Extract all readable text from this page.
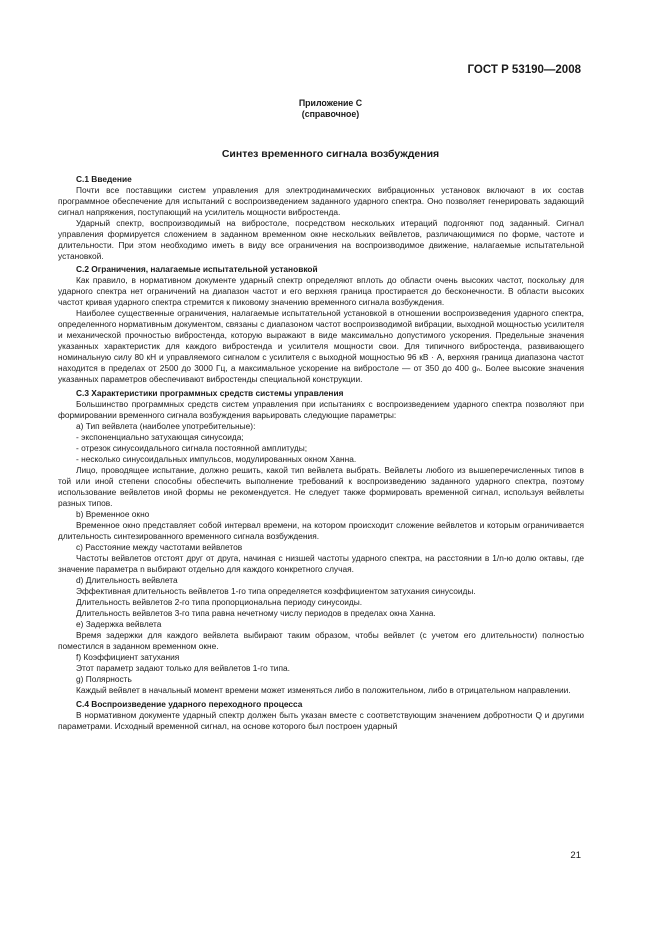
ГОСТ Р 53190—2008
Приложение С
(справочное)
Синтез временного сигнала возбуждения

С.1 Введение

Почти все поставщики систем управления для электродинамических вибрационных установок включают в их состав программное обеспечение для испытаний с воспроизведением заданного ударного спектра. Оно позволяет генерировать задающий сигнал напряжения, поступающий на усилитель мощности вибростенда.

Ударный спектр, воспроизводимый на вибростоле, посредством нескольких итераций подгоняют под заданный. Сигнал управления формируется сложением в заданном временном окне нескольких вейвлетов, различающимися по форме, частоте и длительности. При этом необходимо иметь в виду все ограничения на воспроизводимое движение, налагаемые испытательной установкой.

С.2 Ограничения, налагаемые испытательной установкой

Как правило, в нормативном документе ударный спектр определяют вплоть до области очень высоких частот, поскольку для ударного спектра нет ограничений на диапазон частот и его верхняя граница простирается до бесконечности. В области высоких частот кривая ударного спектра стремится к пиковому значению временного сигнала возбуждения.

Наиболее существенные ограничения, налагаемые испытательной установкой в отношении воспроизведения ударного спектра, определенного нормативным документом, связаны с диапазоном частот воспроизводимой вибрации, выходной мощностью усилителя и механической прочностью вибростенда, которую выражают в виде максимально допустимого ускорения. Предельные значения указанных характеристик для каждого вибростенда и усилителя мощности свои. Для типичного вибростенда, развивающего номинальную силу 80 кН и управляемого сигналом с усилителя с выходной мощностью 96 кВ · А, верхняя граница диапазона частот находится в пределах от 2500 до 3000 Гц, а максимальное ускорение на вибростоле — от 350 до 400 gₙ. Более высокие значения указанных параметров обеспечивают вибростенды специальной конструкции.

С.3 Характеристики программных средств системы управления

Большинство программных средств систем управления при испытаниях с воспроизведением ударного спектра позволяют при формировании временного сигнала возбуждения варьировать следующие параметры:

а) Тип вейвлета (наиболее употребительные):

- экспоненциально затухающая синусоида;

- отрезок синусоидального сигнала постоянной амплитуды;

- несколько синусоидальных импульсов, модулированных окном Ханна.

Лицо, проводящее испытание, должно решить, какой тип вейвлета выбрать. Вейвлеты любого из вышеперечисленных типов в той или иной степени способны обеспечить выполнение требований к воспроизведению заданного ударного спектра, поэтому использование вейвлетов иной формы не рекомендуется. Не следует также формировать временной сигнал, используя вейвлеты разных типов.

b) Временное окно

Временное окно представляет собой интервал времени, на котором происходит сложение вейвлетов и которым ограничивается длительность синтезированного временного сигнала возбуждения.

с) Расстояние между частотами вейвлетов

Частоты вейвлетов отстоят друг от друга, начиная с низшей частоты ударного спектра, на расстоянии в 1/n-ю долю октавы, где значение параметра n выбирают отдельно для каждого конкретного случая.

d) Длительность вейвлета

Эффективная длительность вейвлетов 1-го типа определяется коэффициентом затухания синусоиды.

Длительность вейвлетов 2-го типа пропорциональна периоду синусоиды.

Длительность вейвлетов 3-го типа равна нечетному числу периодов в пределах окна Ханна.

е) Задержка вейвлета

Время задержки для каждого вейвлета выбирают таким образом, чтобы вейвлет (с учетом его длительности) полностью поместился в заданном временном окне.

f) Коэффициент затухания

Этот параметр задают только для вейвлетов 1-го типа.

g) Полярность

Каждый вейвлет в начальный момент времени может изменяться либо в положительном, либо в отрицательном направлении.

С.4 Воспроизведение ударного переходного процесса

В нормативном документе ударный спектр должен быть указан вместе с соответствующим значением добротности Q и другими параметрами. Исходный временной сигнал, на основе которого был построен ударный

21
